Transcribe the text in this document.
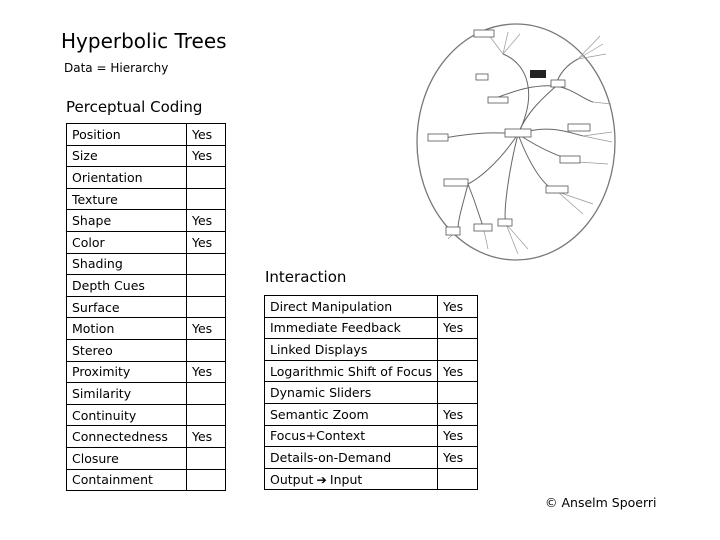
Hyperbolic Trees
Data = Hierarchy
Perceptual Coding
Position	Yes
Size	Yes
Orientation	
Texture	
Shape	Yes
Color	Yes
Shading	
Depth Cues	
Surface	
Motion	Yes
Stereo	
Proximity	Yes
Similarity	
Continuity	
Connectedness	Yes
Closure	
Containment	
Interaction
Direct Manipulation	Yes
Immediate Feedback	Yes
Linked Displays	
Logarithmic Shift of Focus	Yes
Dynamic Sliders	
Semantic Zoom	Yes
Focus+Context	Yes
Details-on-Demand	Yes
Output ➔ Input	
© Anselm Spoerri
